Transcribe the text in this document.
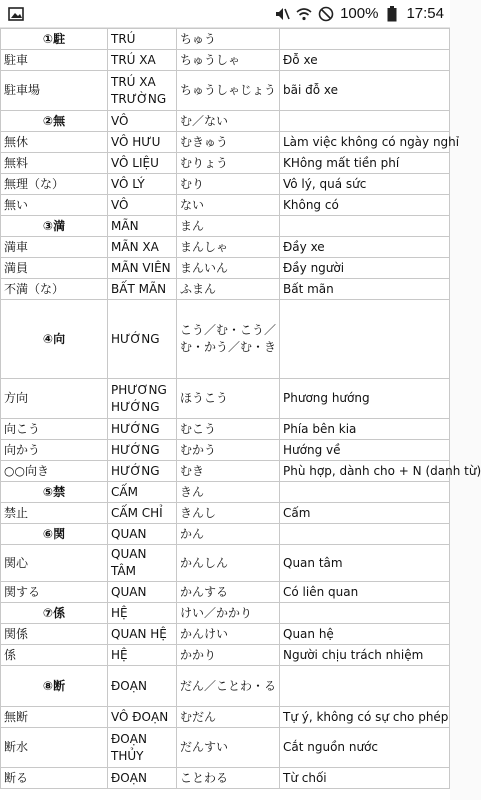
100% 17:54
①駐	TRÚ	ちゅう	
駐車	TRÚ XA	ちゅうしゃ	Đỗ xe
駐車場	TRÚ XA TRƯỜNG	ちゅうしゃじょう	bãi đỗ xe
②無	VÔ	む／ない	
無休	VÔ HƯU	むきゅう	Làm việc không có ngày nghỉ
無料	VÔ LIỆU	むりょう	KHông mất tiền phí
無理（な）	VÔ LÝ	むり	Vô lý, quá sức
無い	VÔ	ない	Không có
③満	MÃN	まん	
満車	MÃN XA	まんしゃ	Đầy xe
満員	MÃN VIÊN	まんいん	Đầy người
不満（な）	BẤT MÃN	ふまん	Bất mãn
④向	HƯỚNG	こう／む・こう／む・かう／む・き	
方向	PHƯƠNG HƯỚNG	ほうこう	Phương hướng
向こう	HƯỚNG	むこう	Phía bên kia
向かう	HƯỚNG	むかう	Hướng về
○○向き	HƯỚNG	むき	Phù hợp, dành cho + N (danh từ)
⑤禁	CẤM	きん	
禁止	CẤM CHỈ	きんし	Cấm
⑥関	QUAN	かん	
関心	QUAN TÂM	かんしん	Quan tâm
関する	QUAN	かんする	Có liên quan
⑦係	HỆ	けい／かかり	
関係	QUAN HỆ	かんけい	Quan hệ
係	HỆ	かかり	Người chịu trách nhiệm
⑧断	ĐOẠN	だん／ことわ・る	
無断	VÔ ĐOẠN	むだん	Tự ý, không có sự cho phép
断水	ĐOẠN THỦY	だんすい	Cắt nguồn nước
断る	ĐOẠN	ことわる	Từ chối
